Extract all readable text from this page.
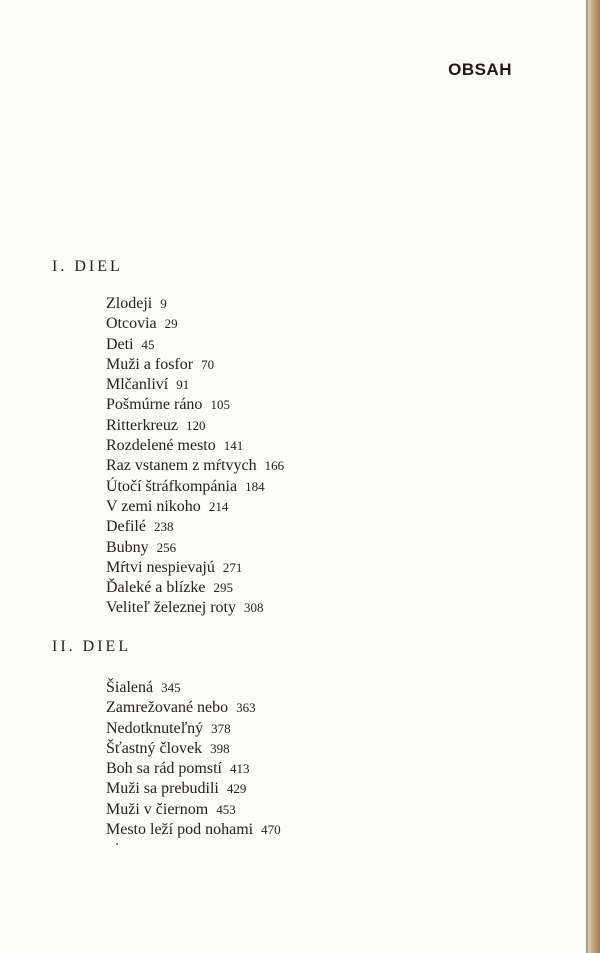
OBSAH
I. DIEL
Zlodeji 9
Otcovia 29
Deti 45
Muži a fosfor 70
Mlčanliví 91
Pošmúrne ráno 105
Ritterkreuz 120
Rozdelené mesto 141
Raz vstanem z mŕtvych 166
Útočí štráfkompánia 184
V zemi nikoho 214
Defilé 238
Bubny 256
Mŕtvi nespievajú 271
Ďaleké a blízke 295
Veliteľ železnej roty 308
II. DIEL
Šialená 345
Zamrežované nebo 363
Nedotknuteľný 378
Šťastný človek 398
Boh sa rád pomstí 413
Muži sa prebudili 429
Muži v čiernom 453
Mesto leží pod nohami 470
